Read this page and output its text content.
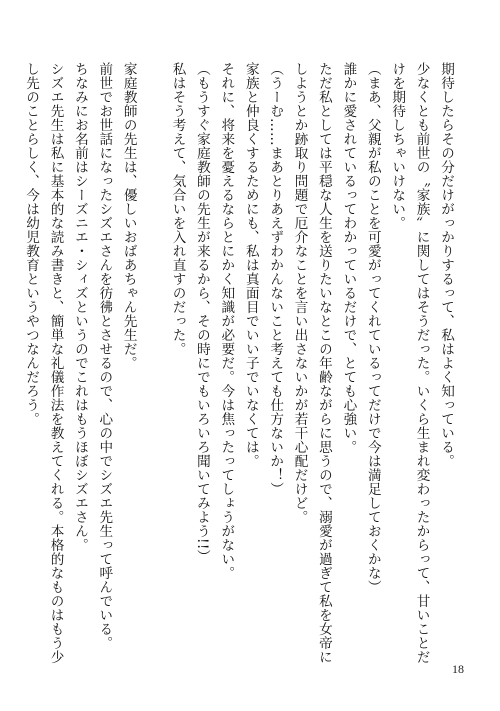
期待したらその分だけがっかりするって、私はよく知っている。
少なくとも前世の〝家族〟に関してはそうだった。いくら生まれ変わったからって、甘いことだ
けを期待しちゃいけない。
（まあ、父親が私のことを可愛がってくれているってだけで今は満足しておくかな）
誰かに愛されているってわかっているだけで、とても心強い。
ただ私としては平穏な人生を送りたいなとこの年齢ながらに思うので、溺愛が過ぎて私を女帝に
しようとか跡取り問題で厄介なことを言い出さないかが若干心配だけど。
（うーむ……まあとりあえずわかんないこと考えても仕方ないか！）
家族と仲良くするためにも、私は真面目でいい子でいなくては。
それに、将来を憂えるならとにかく知識が必要だ。今は焦ったってしょうがない。
（もうすぐ家庭教師の先生が来るから、その時にでもいろいろ聞いてみよう!!）
私はそう考えて、気合いを入れ直すのだった。
家庭教師の先生は、優しいおばあちゃん先生だ。
前世でお世話になったシズエさんを彷彿とさせるので、心の中でシズエ先生って呼んでいる。
ちなみにお名前はシーズニエ・シィズというのでこれはもうほぼシズエさん。
シズエ先生は私に基本的な読み書きと、簡単な礼儀作法を教えてくれる。本格的なものはもう少
し先のことらしく、今は幼児教育というやつなんだろう。
18
